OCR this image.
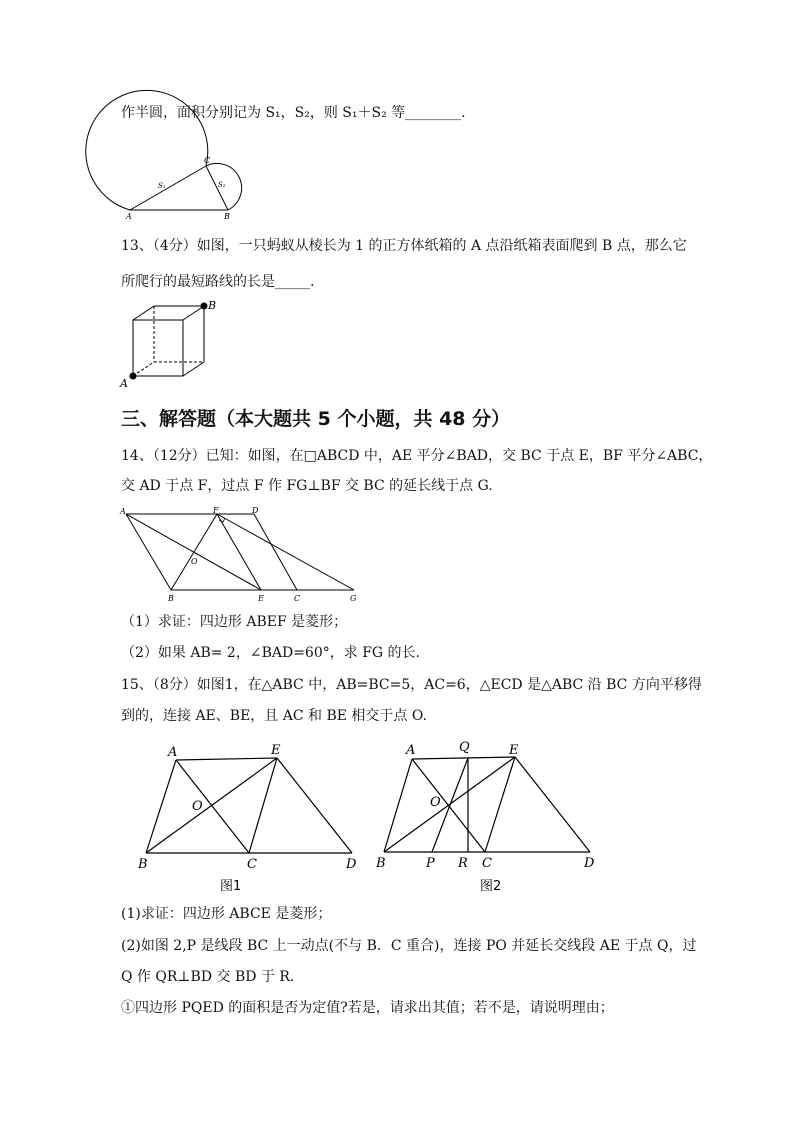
作半圆，面积分别记为 S₁，S₂，则 S₁＋S₂ 等________.
A	B
C
S₁	S₂
13、（4分）如图，一只蚂蚁从棱长为 1 的正方体纸箱的 A 点沿纸箱表面爬到 B 点，那么它
所爬行的最短路线的长是_____.
A
B
三、解答题（本大题共 5 个小题，共 48 分）
14、（12分）已知：如图，在□ABCD 中，AE 平分∠BAD，交 BC 于点 E，BF 平分∠ABC，
交 AD 于点 F，过点 F 作 FG⊥BF 交 BC 的延长线于点 G.
A	F	D
O
B	E	C	G
（1）求证：四边形 ABEF 是菱形；
（2）如果 AB= 2，∠BAD=60°，求 FG 的长.
15、（8分）如图1，在△ABC 中，AB=BC=5，AC=6，△ECD 是△ABC 沿 BC 方向平移得
到的，连接 AE、BE，且 AC 和 BE 相交于点 O.
A	E
O
B	C	D
图1
A	Q	E
O
B	P R C	D
图2
(1)求证：四边形 ABCE 是菱形；
(2)如图 2,P 是线段 BC 上一动点(不与 B．C 重合)，连接 PO 并延长交线段 AE 于点 Q，过
Q 作 QR⊥BD 交 BD 于 R.
①四边形 PQED 的面积是否为定值?若是，请求出其值；若不是，请说明理由；
